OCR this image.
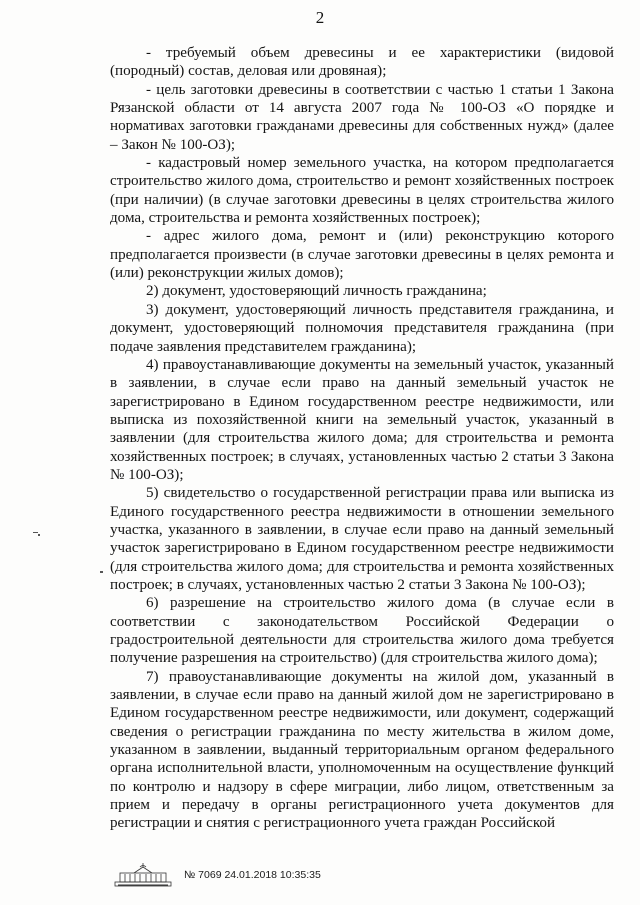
2

- требуемый объем древесины и ее характеристики (видовой (породный) состав, деловая или дровяная);

- цель заготовки древесины в соответствии с частью 1 статьи 1 Закона Рязанской области от 14 августа 2007 года № 100-ОЗ «О порядке и нормативах заготовки гражданами древесины для собственных нужд» (далее – Закон № 100-ОЗ);

- кадастровый номер земельного участка, на котором предполагается строительство жилого дома, строительство и ремонт хозяйственных построек (при наличии) (в случае заготовки древесины в целях строительства жилого дома, строительства и ремонта хозяйственных построек);

- адрес жилого дома, ремонт и (или) реконструкцию которого предполагается произвести (в случае заготовки древесины в целях ремонта и (или) реконструкции жилых домов);

2) документ, удостоверяющий личность гражданина;

3) документ, удостоверяющий личность представителя гражданина, и документ, удостоверяющий полномочия представителя гражданина (при подаче заявления представителем гражданина);

4) правоустанавливающие документы на земельный участок, указанный в заявлении, в случае если право на данный земельный участок не зарегистрировано в Едином государственном реестре недвижимости, или выписка из похозяйственной книги на земельный участок, указанный в заявлении (для строительства жилого дома; для строительства и ремонта хозяйственных построек; в случаях, установленных частью 2 статьи 3 Закона № 100-ОЗ);

5) свидетельство о государственной регистрации права или выписка из Единого государственного реестра недвижимости в отношении земельного участка, указанного в заявлении, в случае если право на данный земельный участок зарегистрировано в Едином государственном реестре недвижимости (для строительства жилого дома; для строительства и ремонта хозяйственных построек; в случаях, установленных частью 2 статьи 3 Закона № 100-ОЗ);

6) разрешение на строительство жилого дома (в случае если в соответствии с законодательством Российской Федерации о градостроительной деятельности для строительства жилого дома требуется получение разрешения на строительство) (для строительства жилого дома);

7) правоустанавливающие документы на жилой дом, указанный в заявлении, в случае если право на данный жилой дом не зарегистрировано в Едином государственном реестре недвижимости, или документ, содержащий сведения о регистрации гражданина по месту жительства в жилом доме, указанном в заявлении, выданный территориальным органом федерального органа исполнительной власти, уполномоченным на осуществление функций по контролю и надзору в сфере миграции, либо лицом, ответственным за прием и передачу в органы регистрационного учета документов для регистрации и снятия с регистрационного учета граждан Российской

№ 7069 24.01.2018 10:35:35
